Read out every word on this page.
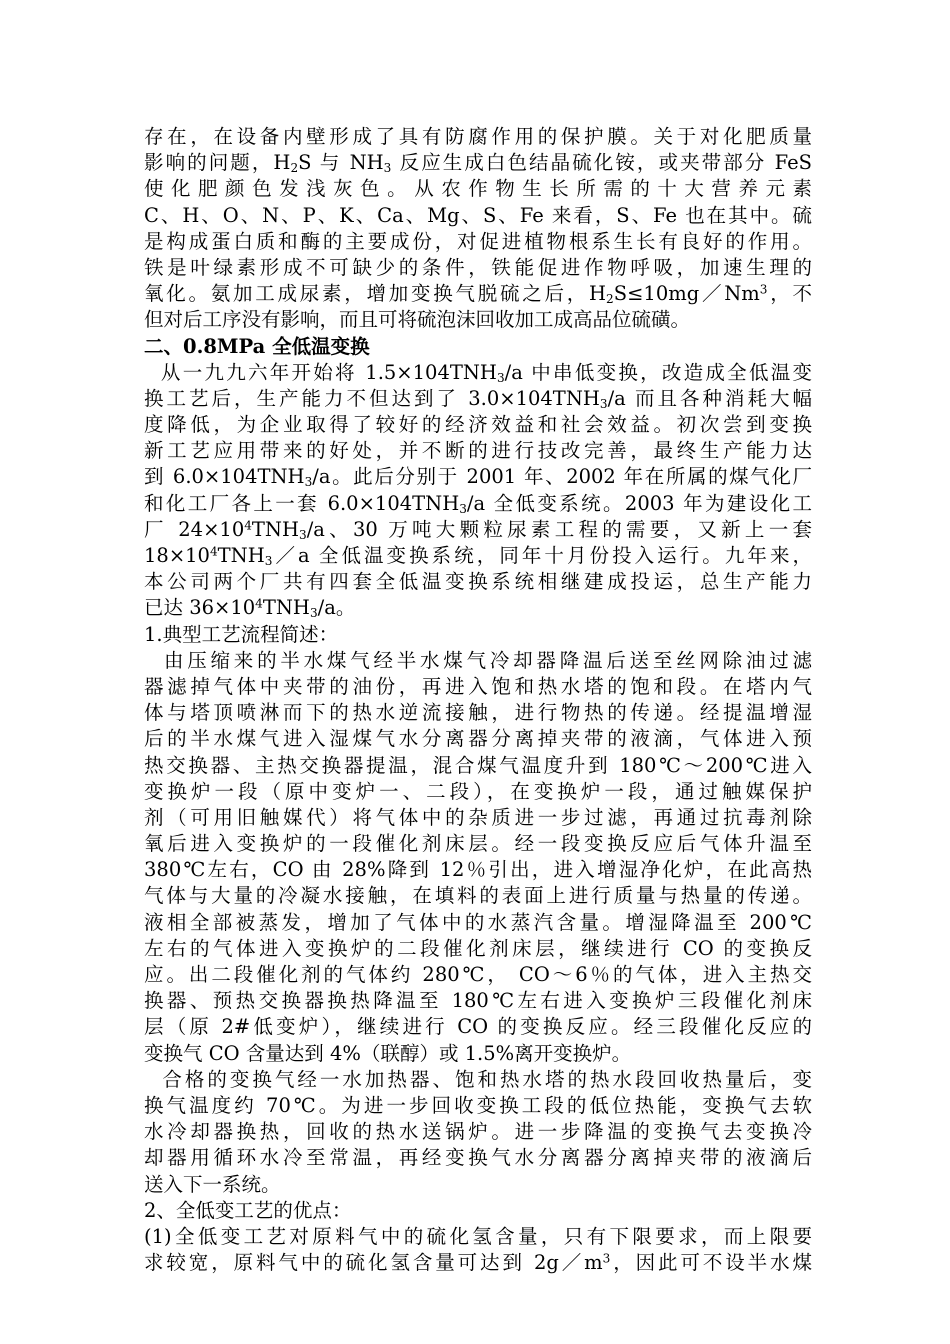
存在，在设备内壁形成了具有防腐作用的保护膜。关于对化肥质量
影响的问题，$H_2S$ 与 $NH_3$ 反应生成白色结晶硫化铵，或夹带部分 FeS
使化肥颜色发浅灰色。从农作物生长所需的十大营养元素
C、H、O、N、P、K、Ca、Mg、S、Fe 来看，S、Fe 也在其中。硫
是构成蛋白质和酶的主要成份，对促进植物根系生长有良好的作用。
铁是叶绿素形成不可缺少的条件，铁能促进作物呼吸，加速生理的
氧化。氨加工成尿素，增加变换气脱硫之后，$H_2S\le 10mg/Nm^3$，不
但对后工序没有影响，而且可将硫泡沫回收加工成高品位硫磺。
二、0.8MPa 全低温变换
从一九九六年开始将 $1.5\times 104TNH_3/a$ 中串低变换，改造成全低温变
换工艺后，生产能力不但达到了 $3.0\times 104TNH_3/a$ 而且各种消耗大幅
度降低，为企业取得了较好的经济效益和社会效益。初次尝到变换
新工艺应用带来的好处，并不断的进行技改完善，最终生产能力达
到 $6.0\times 104TNH_3/a$。此后分别于 2001 年、2002 年在所属的煤气化厂
和化工厂各上一套 $6.0\times 104TNH_3/a$ 全低变系统。2003 年为建设化工
厂 $24\times 10^4TNH_3/a$、30 万吨大颗粒尿素工程的需要，又新上一套
$18\times 10^4TNH_3/a$ 全低温变换系统，同年十月份投入运行。九年来，
本公司两个厂共有四套全低温变换系统相继建成投运，总生产能力
已达 $36\times 10^4TNH_3/a$。
1.典型工艺流程简述：
由压缩来的半水煤气经半水煤气冷却器降温后送至丝网除油过滤
器滤掉气体中夹带的油份，再进入饱和热水塔的饱和段。在塔内气
体与塔顶喷淋而下的热水逆流接触，进行物热的传递。经提温增湿
后的半水煤气进入湿煤气水分离器分离掉夹带的液滴，气体进入预
热交换器、主热交换器提温，混合煤气温度升到 180℃～200℃进入
变换炉一段（原中变炉一、二段），在变换炉一段，通过触媒保护
剂（可用旧触媒代）将气体中的杂质进一步过滤，再通过抗毒剂除
氧后进入变换炉的一段催化剂床层。经一段变换反应后气体升温至
380℃左右，CO 由 28%降到 12％引出，进入增湿净化炉，在此高热
气体与大量的冷凝水接触，在填料的表面上进行质量与热量的传递。
液相全部被蒸发，增加了气体中的水蒸汽含量。增湿降温至 200℃
左右的气体进入变换炉的二段催化剂床层，继续进行 CO 的变换反
应。出二段催化剂的气体约 280℃， CO～6％的气体，进入主热交
换器、预热交换器换热降温至 180℃左右进入变换炉三段催化剂床
层（原 2#低变炉），继续进行 CO 的变换反应。经三段催化反应的
变换气 CO 含量达到 4%（联醇）或 1.5%离开变换炉。
合格的变换气经一水加热器、饱和热水塔的热水段回收热量后，变
换气温度约 70℃。为进一步回收变换工段的低位热能，变换气去软
水冷却器换热，回收的热水送锅炉。进一步降温的变换气去变换冷
却器用循环水冷至常温，再经变换气水分离器分离掉夹带的液滴后
送入下一系统。
2、全低变工艺的优点：
(1)全低变工艺对原料气中的硫化氢含量，只有下限要求，而上限要
求较宽，原料气中的硫化氢含量可达到 $2g/m^3$，因此可不设半水煤
